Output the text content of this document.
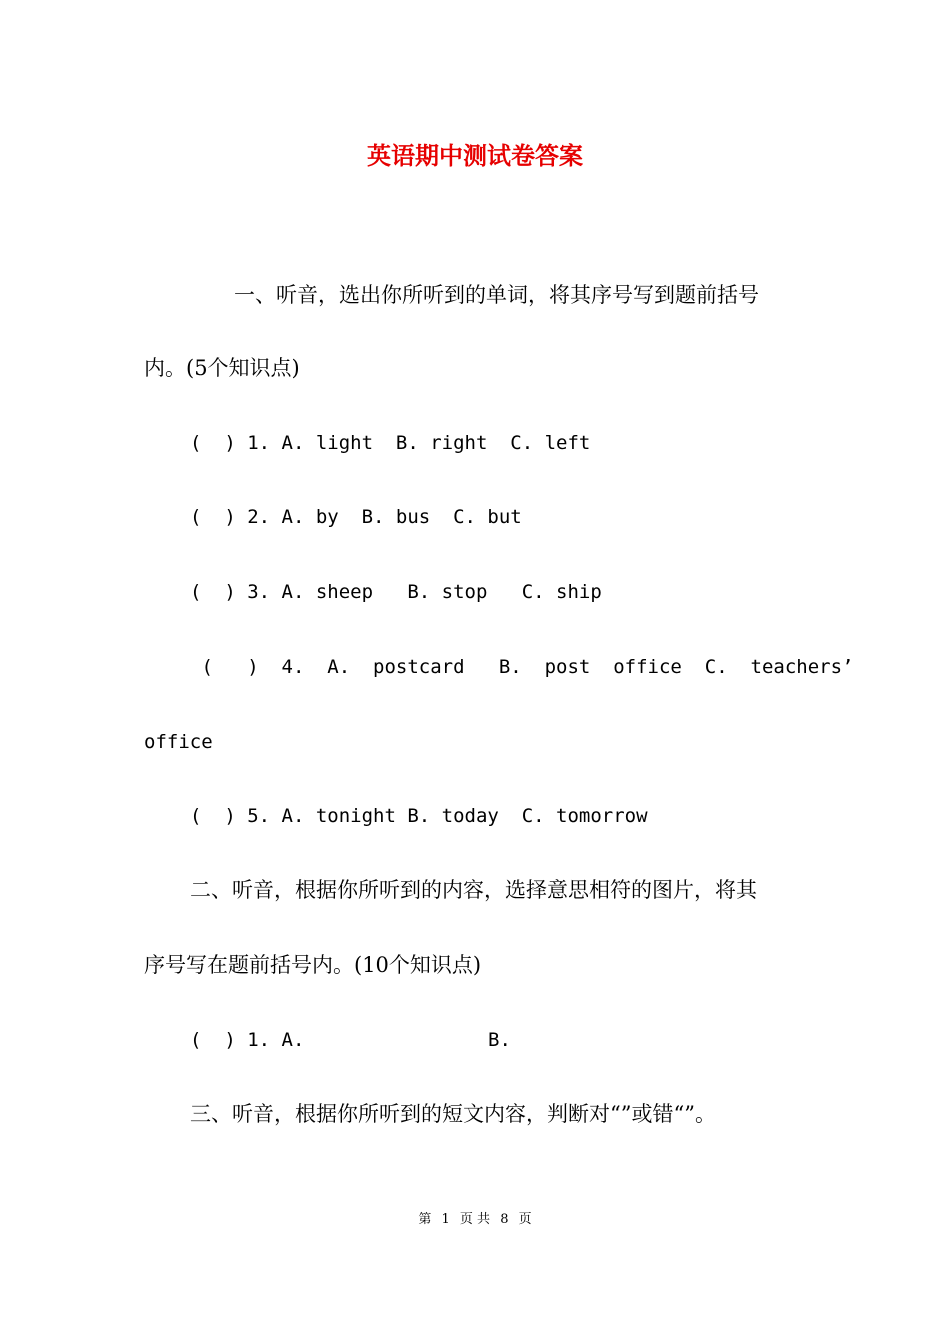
英语期中测试卷答案
一、听音，选出你所听到的单词，将其序号写到题前括号
内。(5个知识点)
(  ) 1. A. light  B. right  C. left
(  ) 2. A. by  B. bus  C. but
(  ) 3. A. sheep   B. stop   C. ship
(   )  4.  A.  postcard   B.  post  office  C.  teachers’
office
(  ) 5. A. tonight B. today  C. tomorrow
二、听音，根据你所听到的内容，选择意思相符的图片，将其
序号写在题前括号内。(10个知识点)
(  ) 1. A.	B.
三、听音，根据你所听到的短文内容，判断对“”或错“”。
第 1 页 共 8 页
